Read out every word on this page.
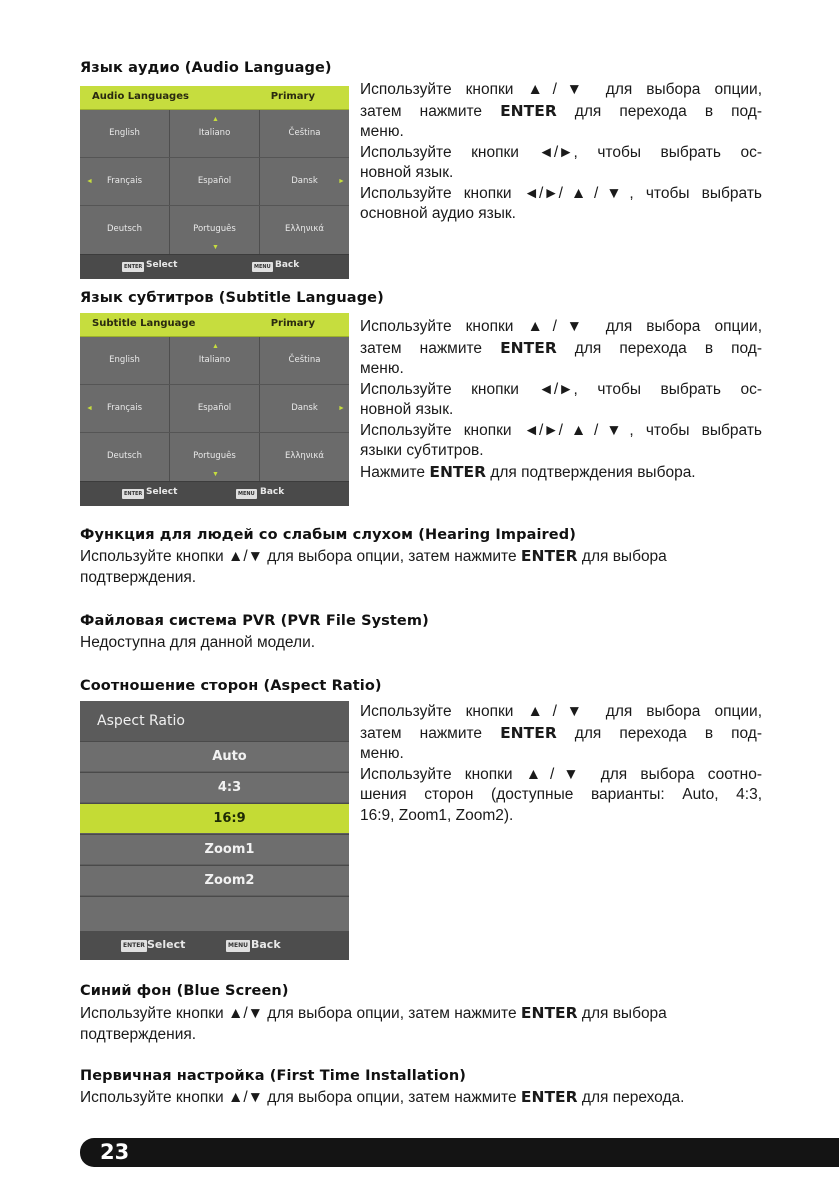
Язык аудио (Audio Language)
Audio Languages	Primary
English	Italiano	Čeština
Français	Español	Dansk
Deutsch	Português	Ελληνικά
▲
▼
◄	►
ENTER Select	MENU Back
Используйте кнопки ▲/▼ для выбора опции,
затем нажмите ENTER для перехода в под-
меню.
Используйте кнопки ◄/►, чтобы выбрать ос-
новной язык.
Используйте кнопки ◄/►/▲/▼, чтобы выбрать
основной аудио язык.
Язык субтитров (Subtitle Language)
Subtitle Language	Primary
English	Italiano	Čeština
Français	Español	Dansk
Deutsch	Português	Ελληνικά
▲
▼
◄	►
ENTER Select	MENU Back
Используйте кнопки ▲/▼ для выбора опции,
затем нажмите ENTER для перехода в под-
меню.
Используйте кнопки ◄/►, чтобы выбрать ос-
новной язык.
Используйте кнопки ◄/►/▲/▼, чтобы выбрать
языки субтитров.
Нажмите ENTER для подтверждения выбора.
Функция для людей со слабым слухом (Hearing Impaired)
Используйте кнопки ▲/▼ для выбора опции, затем нажмите ENTER для выбора
подтверждения.
Файловая система PVR (PVR File System)
Недоступна для данной модели.
Соотношение сторон (Aspect Ratio)
Aspect Ratio
Auto
4:3
16:9
Zoom1
Zoom2
ENTER Select	MENU Back
Используйте кнопки ▲/▼ для выбора опции,
затем нажмите ENTER для перехода в под-
меню.
Используйте кнопки ▲/▼ для выбора соотно-
шения сторон (доступные варианты: Auto, 4:3,
16:9, Zoom1, Zoom2).
Синий фон (Blue Screen)
Используйте кнопки ▲/▼ для выбора опции, затем нажмите ENTER для выбора
подтверждения.
Первичная настройка (First Time Installation)
Используйте кнопки ▲/▼ для выбора опции, затем нажмите ENTER для перехода.
23
